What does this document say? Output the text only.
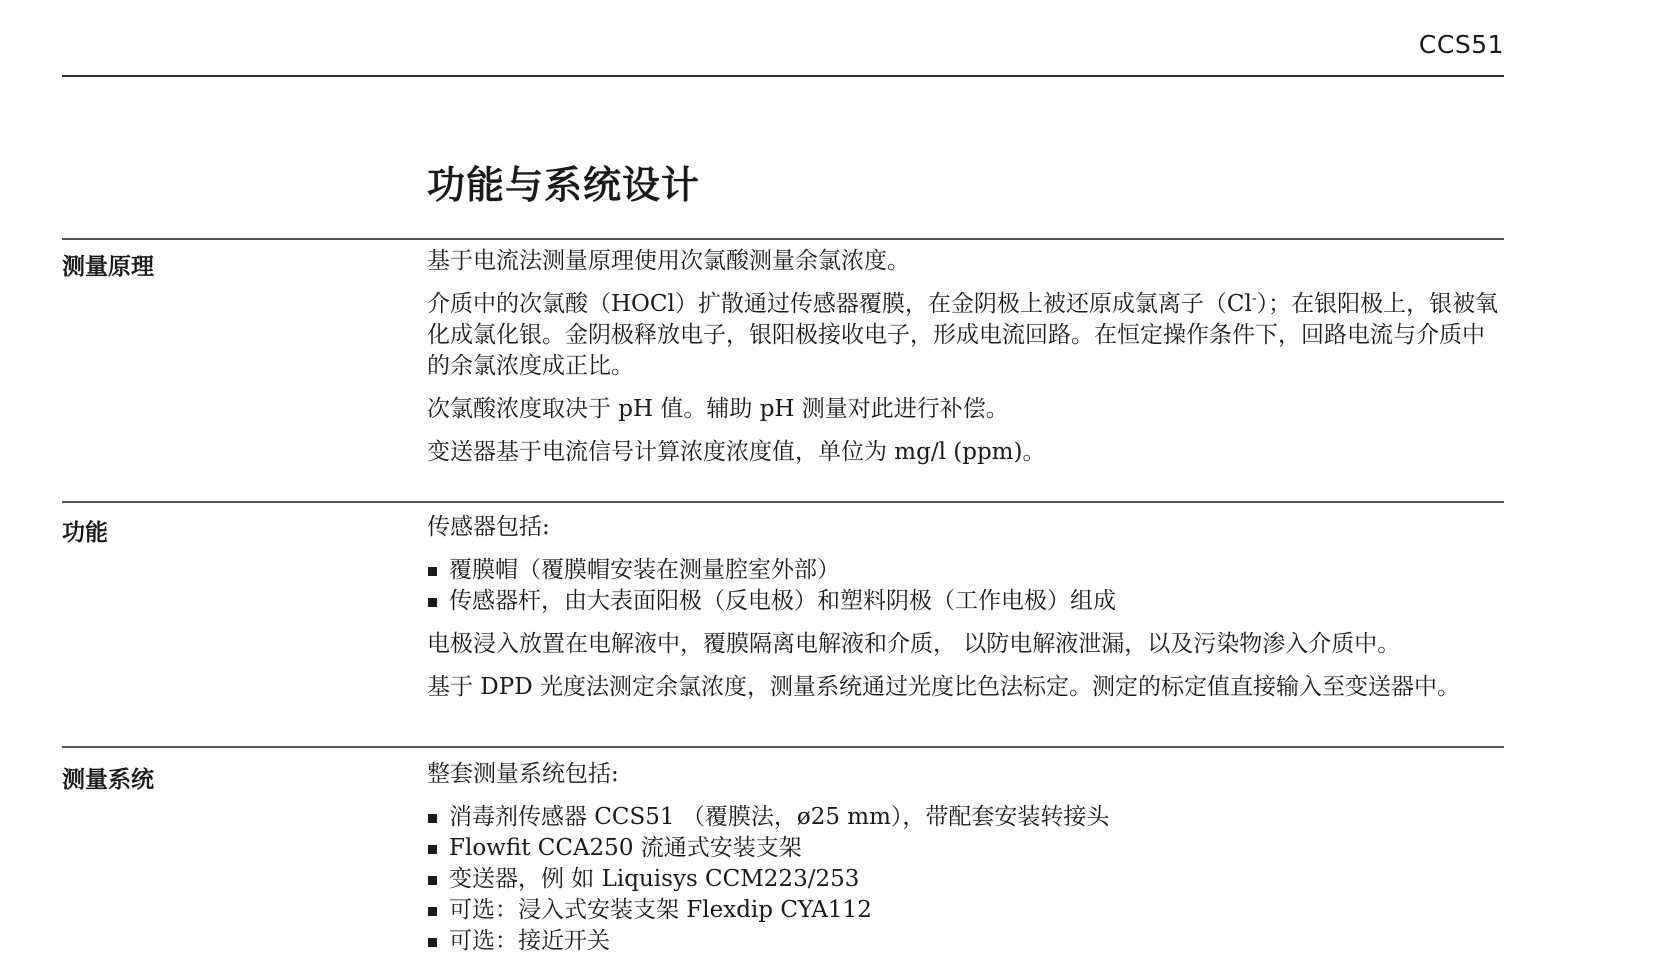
CCS51
功能与系统设计
测量原理	基于电流法测量原理使用次氯酸测量余氯浓度。

介质中的次氯酸（HOCl）扩散通过传感器覆膜，在金阴极上被还原成氯离子（Cl-）；在银阳极上，银被氧化成氯化银。金阴极释放电子，银阳极接收电子，形成电流回路。在恒定操作条件下，回路电流与介质中的余氯浓度成正比。

次氯酸浓度取决于 pH 值。辅助 pH 测量对此进行补偿。

变送器基于电流信号计算浓度浓度值，单位为 mg/l (ppm)。

功能	传感器包括:

覆膜帽（覆膜帽安装在测量腔室外部）
传感器杆，由大表面阳极（反电极）和塑料阴极（工作电极）组成

电极浸入放置在电解液中，覆膜隔离电解液和介质， 以防电解液泄漏，以及污染物渗入介质中。

基于 DPD 光度法测定余氯浓度，测量系统通过光度比色法标定。测定的标定值直接输入至变送器中。

测量系统	整套测量系统包括:

消毒剂传感器 CCS51 （覆膜法，ø25 mm），带配套安装转接头
Flowfit CCA250 流通式安装支架
变送器，例 如 Liquisys CCM223/253
可选：浸入式安装支架 Flexdip CYA112
可选：接近开关
